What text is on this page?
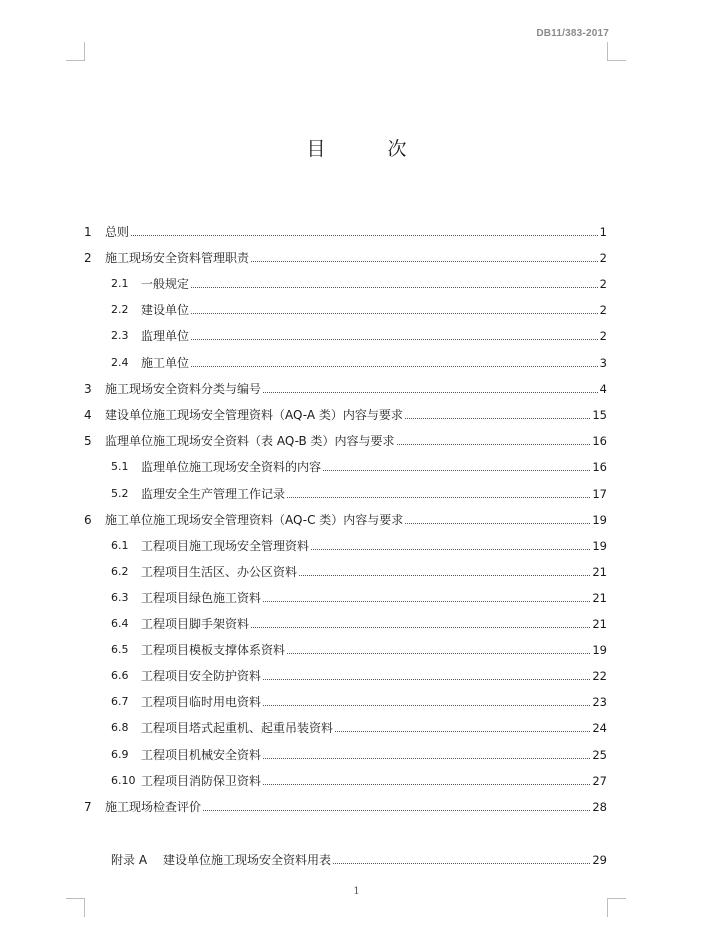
DB11/383-2017
目 次
1	总则	1
2	施工现场安全资料管理职责	2
2.1	一般规定	2
2.2	建设单位	2
2.3	监理单位	2
2.4	施工单位	3
3	施工现场安全资料分类与编号	4
4	建设单位施工现场安全管理资料（AQ-A 类）内容与要求	15
5	监理单位施工现场安全资料（表 AQ-B 类）内容与要求	16
5.1	监理单位施工现场安全资料的内容	16
5.2	监理安全生产管理工作记录	17
6	施工单位施工现场安全管理资料（AQ-C 类）内容与要求	19
6.1	工程项目施工现场安全管理资料	19
6.2	工程项目生活区、办公区资料	21
6.3	工程项目绿色施工资料	21
6.4	工程项目脚手架资料	21
6.5	工程项目模板支撑体系资料	19
6.6	工程项目安全防护资料	22
6.7	工程项目临时用电资料	23
6.8	工程项目塔式起重机、起重吊装资料	24
6.9	工程项目机械安全资料	25
6.10 工程项目消防保卫资料	27
7	施工现场检查评价	28
附录 A	建设单位施工现场安全资料用表	29
1
